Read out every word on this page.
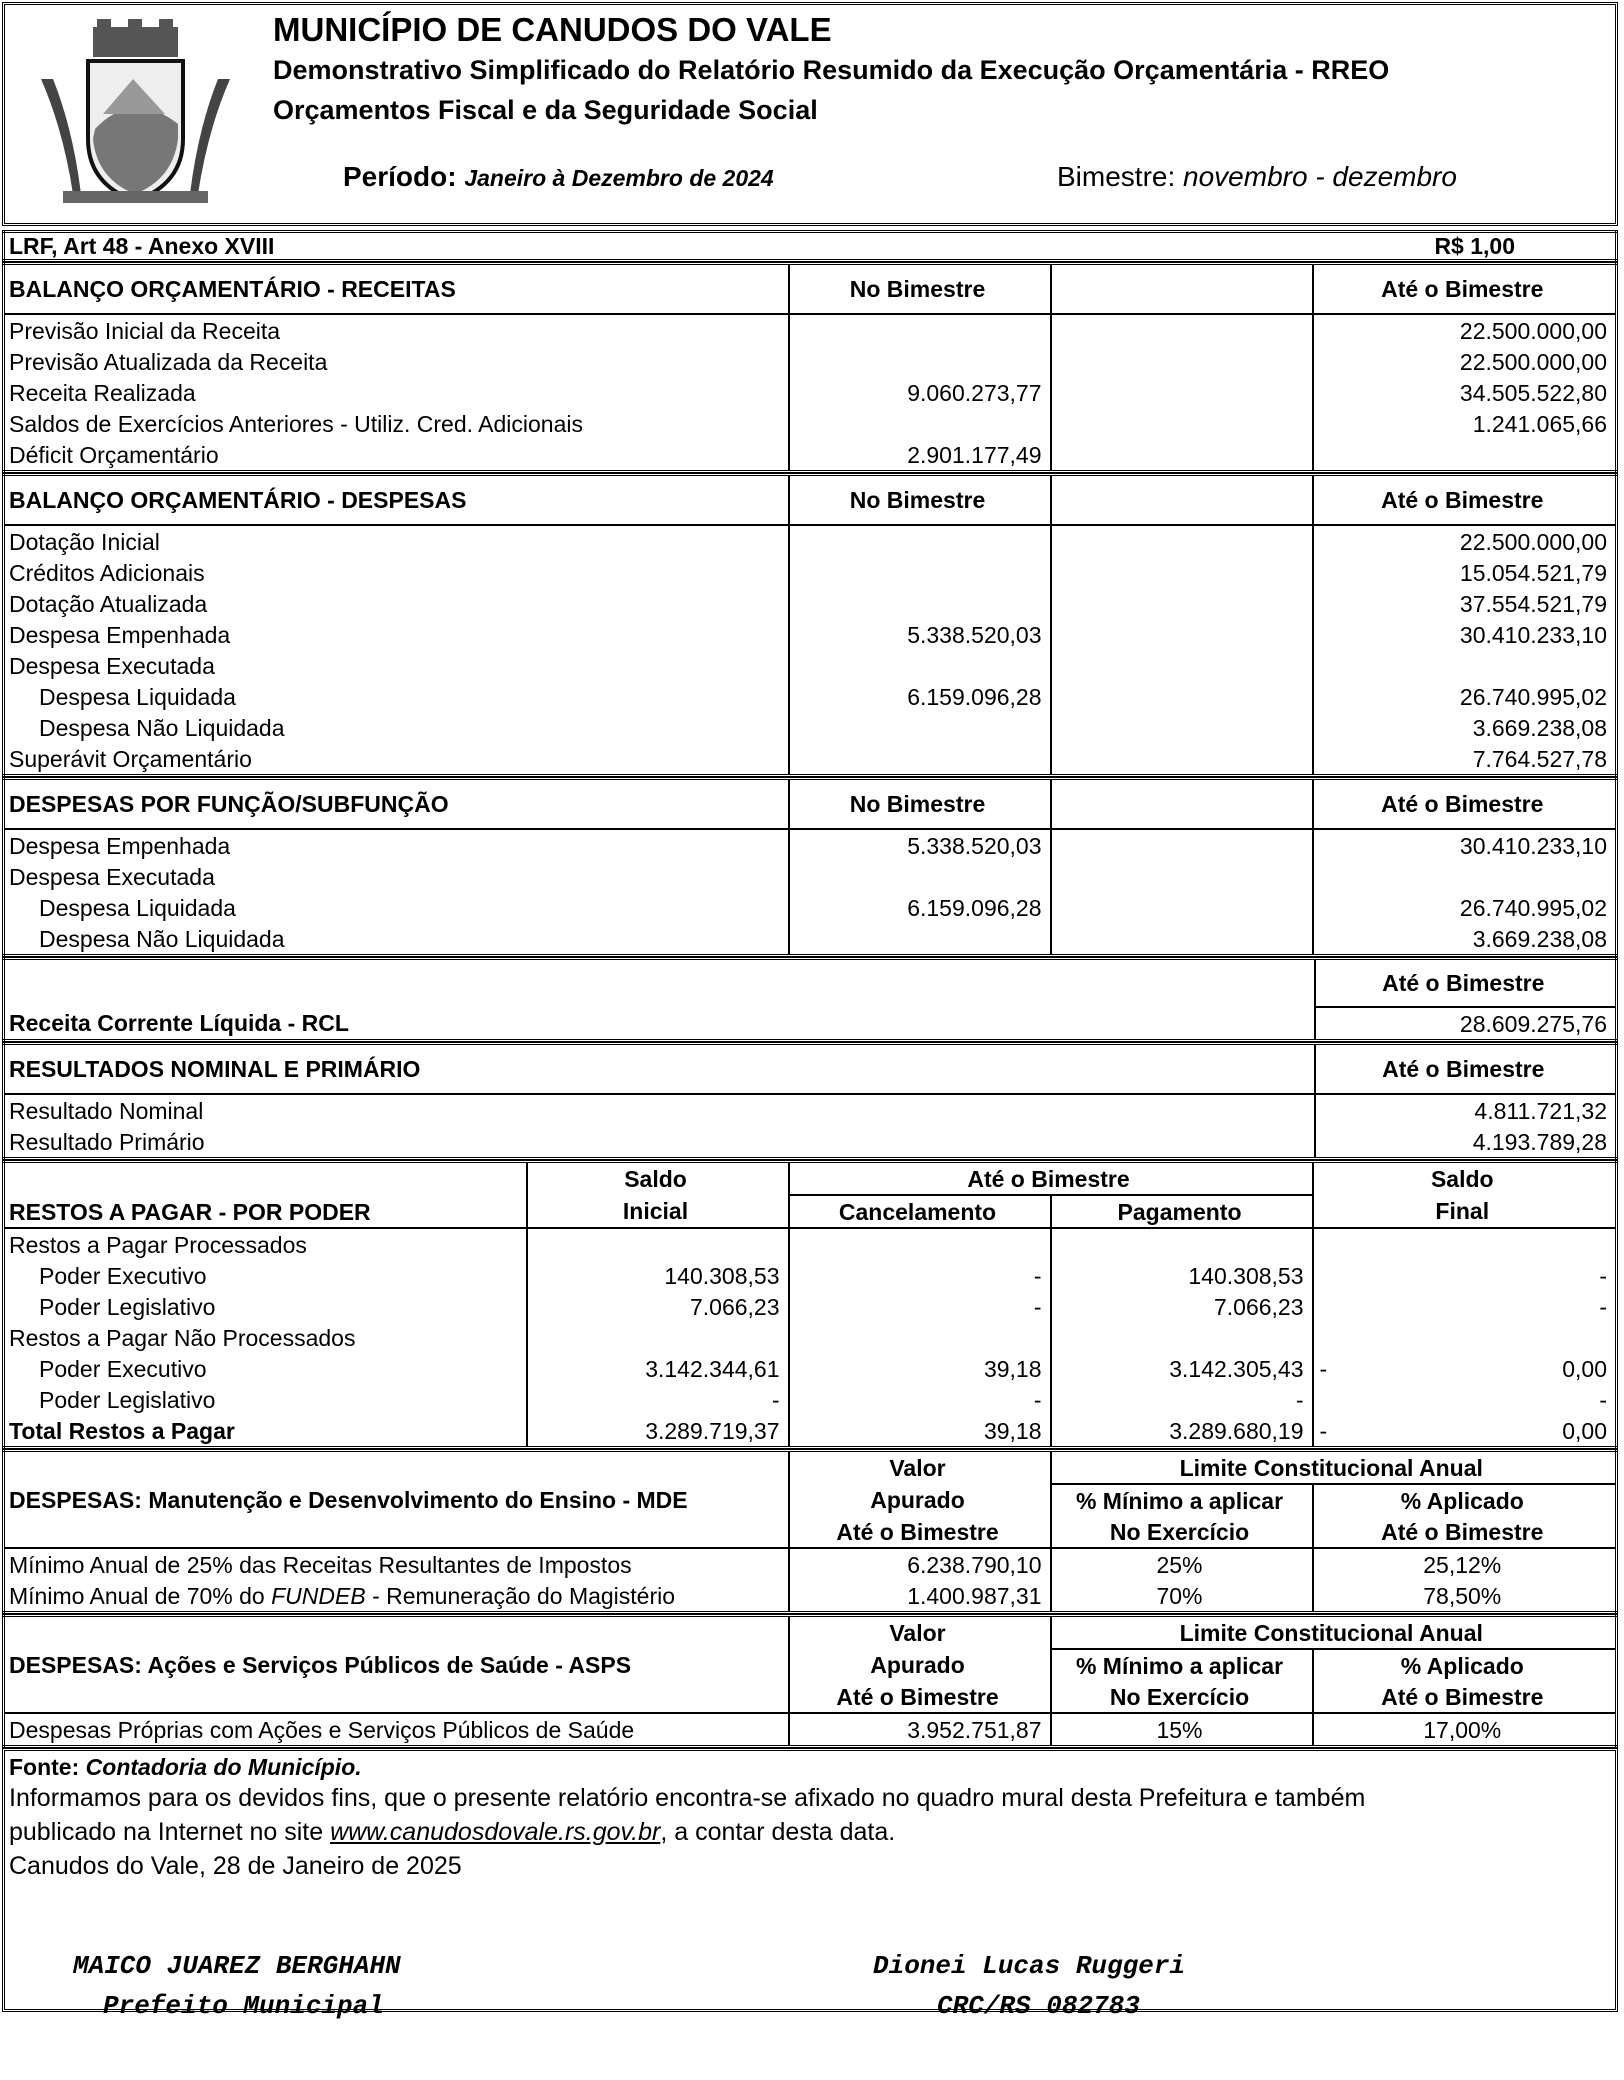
MUNICÍPIO DE CANUDOS DO VALE
Demonstrativo Simplificado do Relatório Resumido da Execução Orçamentária - RREO
Orçamentos Fiscal e da Seguridade Social
Período: Janeiro à Dezembro de 2024	Bimestre: novembro - dezembro
LRF, Art 48 - Anexo XVIII	R$ 1,00
BALANÇO ORÇAMENTÁRIO - RECEITAS	No Bimestre		Até o Bimestre
Previsão Inicial da Receita			22.500.000,00
Previsão Atualizada da Receita			22.500.000,00
Receita Realizada	9.060.273,77		34.505.522,80
Saldos de Exercícios Anteriores - Utiliz. Cred. Adicionais			1.241.065,66
Déficit Orçamentário	2.901.177,49		
BALANÇO ORÇAMENTÁRIO - DESPESAS	No Bimestre		Até o Bimestre
Dotação Inicial			22.500.000,00
Créditos Adicionais			15.054.521,79
Dotação Atualizada			37.554.521,79
Despesa Empenhada	5.338.520,03		30.410.233,10
Despesa Executada			
Despesa Liquidada	6.159.096,28		26.740.995,02
Despesa Não Liquidada			3.669.238,08
Superávit Orçamentário			7.764.527,78
DESPESAS POR FUNÇÃO/SUBFUNÇÃO	No Bimestre		Até o Bimestre
Despesa Empenhada	5.338.520,03		30.410.233,10
Despesa Executada			
Despesa Liquidada	6.159.096,28		26.740.995,02
Despesa Não Liquidada			3.669.238,08
	Até o Bimestre
Receita Corrente Líquida - RCL	28.609.275,76
RESULTADOS NOMINAL E PRIMÁRIO	Até o Bimestre
Resultado Nominal	4.811.721,32
Resultado Primário	4.193.789,28
RESTOS A PAGAR - POR PODER	Saldo	Até o Bimestre		Saldo
	Inicial	Cancelamento	Pagamento	Final
Restos a Pagar Processados				

Poder Executivo	140.308,53	-	140.308,53	-

Poder Legislativo	7.066,23	-	7.066,23	-

Restos a Pagar Não Processados				

Poder Executivo	3.142.344,61	39,18	3.142.305,43	- 0,00

Poder Legislativo	-	-	-	-

Total Restos a Pagar	3.289.719,37	39,18	3.289.680,19	- 0,00
DESPESAS: Manutenção e Desenvolvimento do Ensino - MDE	Valor	Limite Constitucional Anual	
	Apurado	% Mínimo a aplicar	% Aplicado
	Até o Bimestre	No Exercício	Até o Bimestre
Mínimo Anual de 25% das Receitas Resultantes de Impostos	6.238.790,10	25%	25,12%
Mínimo Anual de 70% do FUNDEB - Remuneração do Magistério	1.400.987,31	70%	78,50%
DESPESAS: Ações e Serviços Públicos de Saúde - ASPS	Valor	Limite Constitucional Anual	
	Apurado	% Mínimo a aplicar	% Aplicado
	Até o Bimestre	No Exercício	Até o Bimestre
Despesas Próprias com Ações e Serviços Públicos de Saúde	3.952.751,87	15%	17,00%
Fonte: Contadoria do Município.
Informamos para os devidos fins, que o presente relatório encontra-se afixado no quadro mural desta Prefeitura e também
publicado na Internet no site www.canudosdovale.rs.gov.br, a contar desta data.
Canudos do Vale, 28 de Janeiro de 2025
MAICO JUAREZ BERGHAHN
Prefeito Municipal
Dionei Lucas Ruggeri
CRC/RS 082783
